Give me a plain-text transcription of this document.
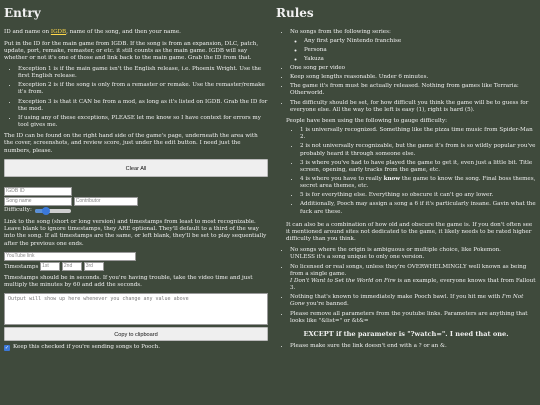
Entry

ID and name on IGDB, name of the song, and then your name.

Put in the ID for the main game from IGDB. If the song is from an expansion, DLC, patch, update, port, remake, remaster, or etc. it still counts as the main game. IGDB will say whether or not it's one of those and link back to the main game. Grab the ID from that.

• Exception 1 is if the main game isn't the English release, i.e. Phoenix Wright. Use the first English release.
• Exception 2 is if the song is only from a remaster or remake. Use the remaster/remake it's from.
• Exception 3 is that it CAN be from a mod, as long as it's listed on IGDB. Grab the ID for the mod.
• If using any of these exceptions, PLEASE let me know so I have context for errors my tool gives me.

The ID can be found on the right hand side of the game's page, underneath the area with the cover, screenshots, and review score, just under the edit button. I need just the numbers, please.

Clear All
IGDB ID
Song name	Contributor
Difficulty:

Link to the song (short or long version) and timestamps from least to most recognizable.

Leave blank to ignore timestamps, they ARE optional. They'll default to a third of the way into the song. If all timestamps are the same, or left blank, they'll be set to play sequentially after the previous one ends.

YouTube link
Timestamps 1st	2nd	3rd

Timestamps should be in seconds. If you're having trouble, take the video time and just multiply the minutes by 60 and add the seconds.

Output will show up here whenever you change any value above
Copy to clipboard
✓ Keep this checked if you're sending songs to Pooch.
Rules
• No songs from the following series:
◦ Any first party Nintendo franchise
◦ Persona
◦ Yakuza
• One song per video
• Keep song lengths reasonable. Under 6 minutes.
• The game it's from must be actually released. Nothing from games like Terraria: Otherworld.
• The difficulty should be set, for how difficult you think the game will be to guess for everyone else. All the way to the left is easy (1), right is hard (5).

People have been using the following to gauge difficulty:

• 1 is universally recognized. Something like the pizza time music from Spider-Man 2.
• 2 is not universally recognizable, but the game it's from is so wildly popular you've probably heard it through someone else.
• 3 is where you've had to have played the game to get it, even just a little bit. Title screen, opening, early tracks from the game, etc.
• 4 is where you have to really know the game to know the song. Final boss themes, secret area themes, etc.
• 5 is for everything else. Everything so obscure it can't go any lower.
• Additionally, Pooch may assign a song a 6 if it's particularly insane. Gavin what the fuck are these.

It can also be a combination of how old and obscure the game is. If you don't often see it mentioned around sites not dedicated to the game, it likely needs to be rated higher difficulty than you think.

• No songs where the origin is ambiguous or multiple choice, like Pokemon.
UNLESS it's a song unique to only one version.
• No licensed or real songs, unless they're OVERWHELMINGLY well known as being from a single game.
I Don't Want to Set the World on Fire is an example, everyone knows that from Fallout 3.
• Nothing that's known to immediately make Pooch bawl. If you hit me with I'm Not Gone you're banned.
• Please remove all parameters from the youtube links. Parameters are anything that looks like "&list=" or &t&=
EXCEPT if the parameter is "?watch=". I need that one.
• Please make sure the link doesn't end with a ? or an &.
